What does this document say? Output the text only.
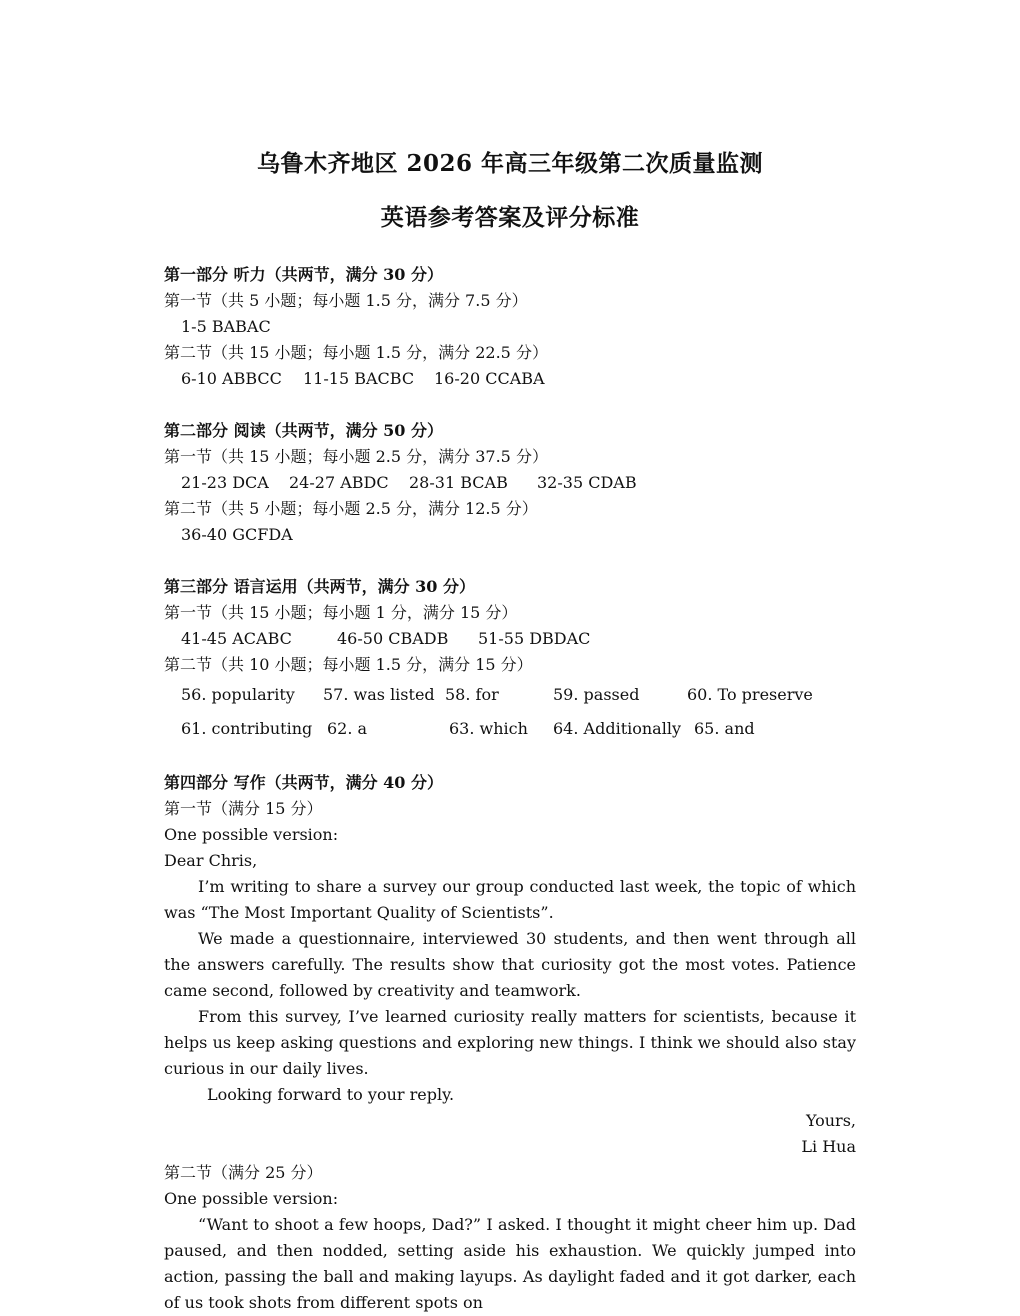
乌鲁木齐地区 2026 年高三年级第二次质量监测
英语参考答案及评分标准
第一部分 听力（共两节，满分 30 分）
第一节（共 5 小题；每小题 1.5 分，满分 7.5 分）
1-5 BABAC
第二节（共 15 小题；每小题 1.5 分，满分 22.5 分）
6-10 ABBCC 11-15 BACBC 16-20 CCABA
第二部分 阅读（共两节，满分 50 分）
第一节（共 15 小题；每小题 2.5 分，满分 37.5 分）
21-23 DCA 24-27 ABDC 28-31 BCAB 32-35 CDAB
第二节（共 5 小题；每小题 2.5 分，满分 12.5 分）
36-40 GCFDA
第三部分 语言运用（共两节，满分 30 分）
第一节（共 15 小题；每小题 1 分，满分 15 分）
41-45 ACABC	46-50 CBADB 51-55 DBDAC
第二节（共 10 小题；每小题 1.5 分，满分 15 分）
56. popularity 57. was listed 58. for	59. passed	60. To preserve
61. contributing 62. a	63. which 64. Additionally 65. and
第四部分 写作（共两节，满分 40 分）
第一节（满分 15 分）
One possible version:
Dear Chris,

I’m writing to share a survey our group conducted last week, the topic of which was “The Most Important Quality of Scientists”.

We made a questionnaire, interviewed 30 students, and then went through all the answers carefully. The results show that curiosity got the most votes. Patience came second, followed by creativity and teamwork.

From this survey, I’ve learned curiosity really matters for scientists, because it helps us keep asking questions and exploring new things. I think we should also stay curious in our daily lives.

Looking forward to your reply.
Yours,
Li Hua
第二节（满分 25 分）
One possible version:

“Want to shoot a few hoops, Dad?” I asked. I thought it might cheer him up. Dad paused, and then nodded, setting aside his exhaustion. We quickly jumped into action, passing the ball and making layups. As daylight faded and it got darker, each of us took shots from different spots on
